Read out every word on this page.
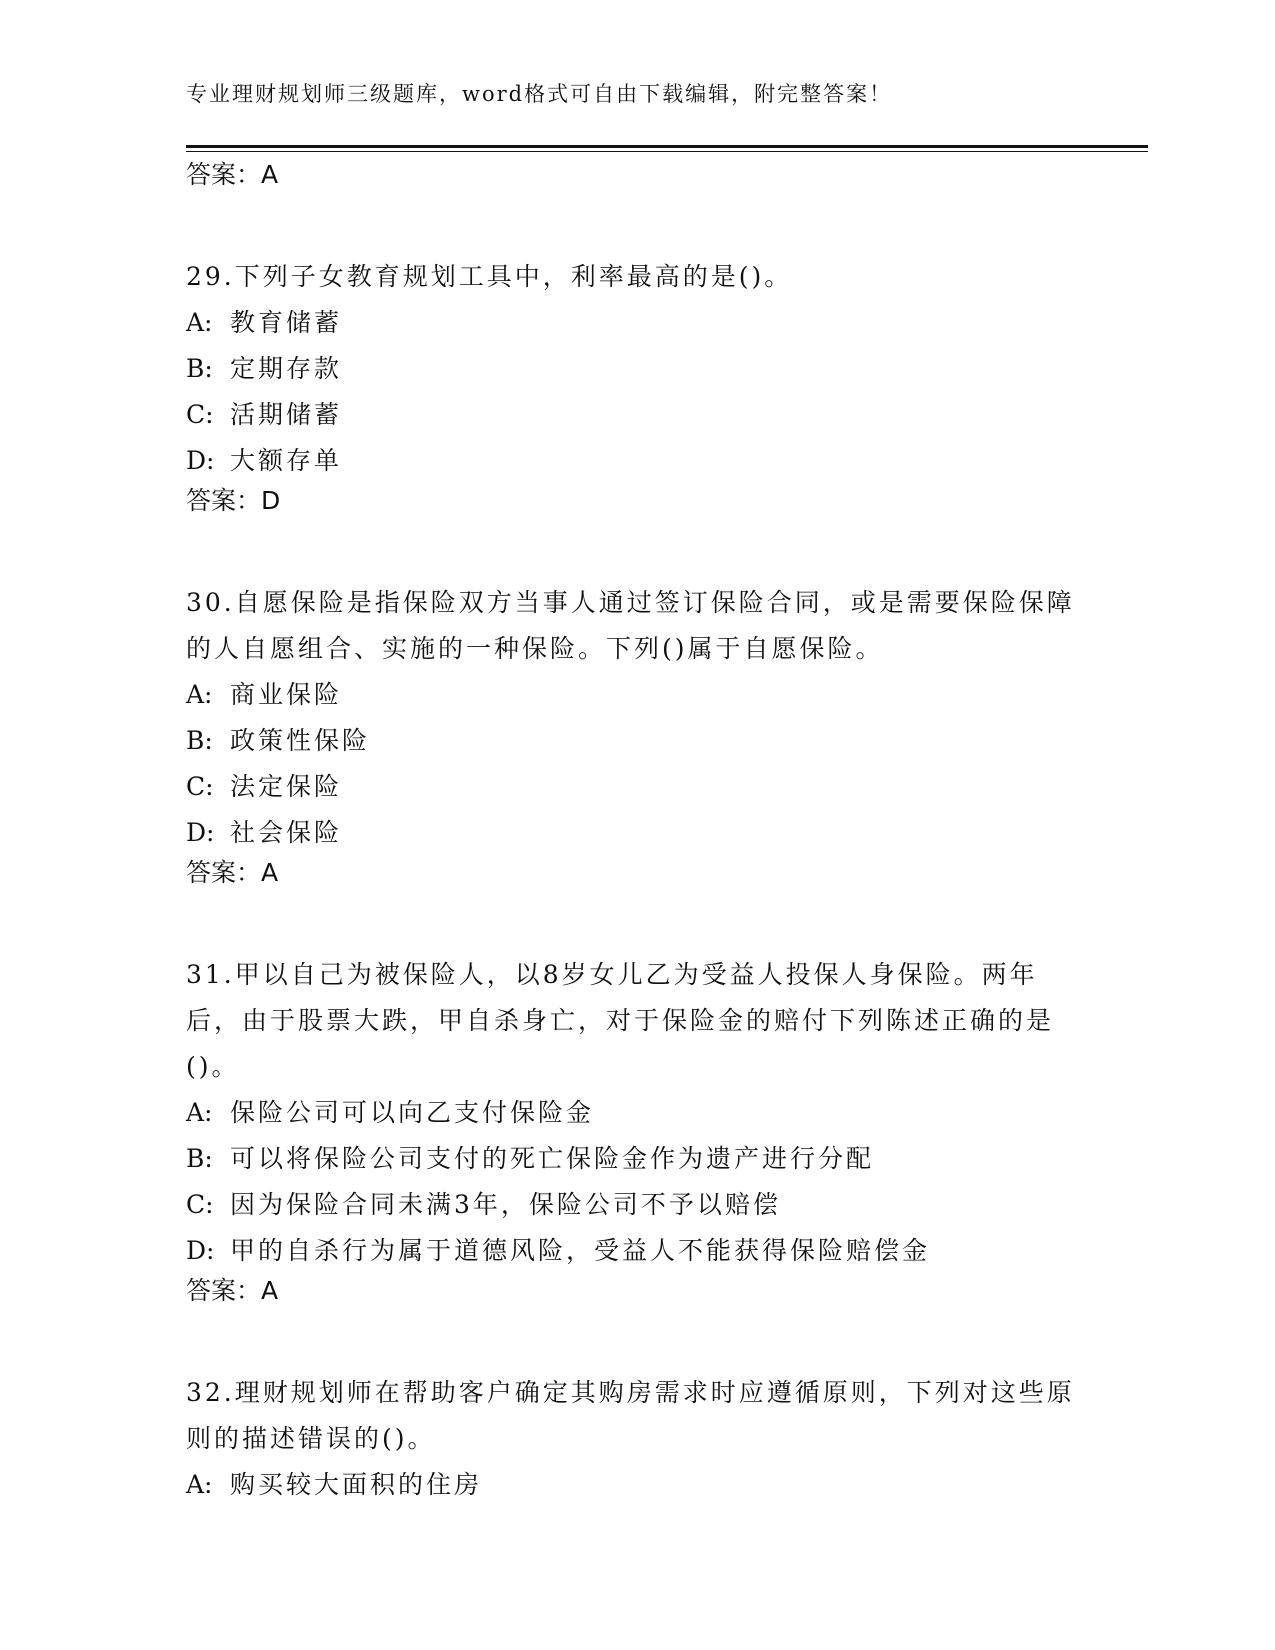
专业理财规划师三级题库，word格式可自由下载编辑，附完整答案！

答案：A

29.下列子女教育规划工具中，利率最高的是()。

A: 教育储蓄
B: 定期存款
C: 活期储蓄
D: 大额存单

答案：D

30.自愿保险是指保险双方当事人通过签订保险合同，或是需要保险保障的人自愿组合、实施的一种保险。下列()属于自愿保险。

A: 商业保险
B: 政策性保险
C: 法定保险
D: 社会保险

答案：A

31.甲以自己为被保险人，以8岁女儿乙为受益人投保人身保险。两年后，由于股票大跌，甲自杀身亡，对于保险金的赔付下列陈述正确的是()。

A: 保险公司可以向乙支付保险金
B: 可以将保险公司支付的死亡保险金作为遗产进行分配
C: 因为保险合同未满3年，保险公司不予以赔偿
D: 甲的自杀行为属于道德风险，受益人不能获得保险赔偿金

答案：A

32.理财规划师在帮助客户确定其购房需求时应遵循原则，下列对这些原则的描述错误的()。

A: 购买较大面积的住房
